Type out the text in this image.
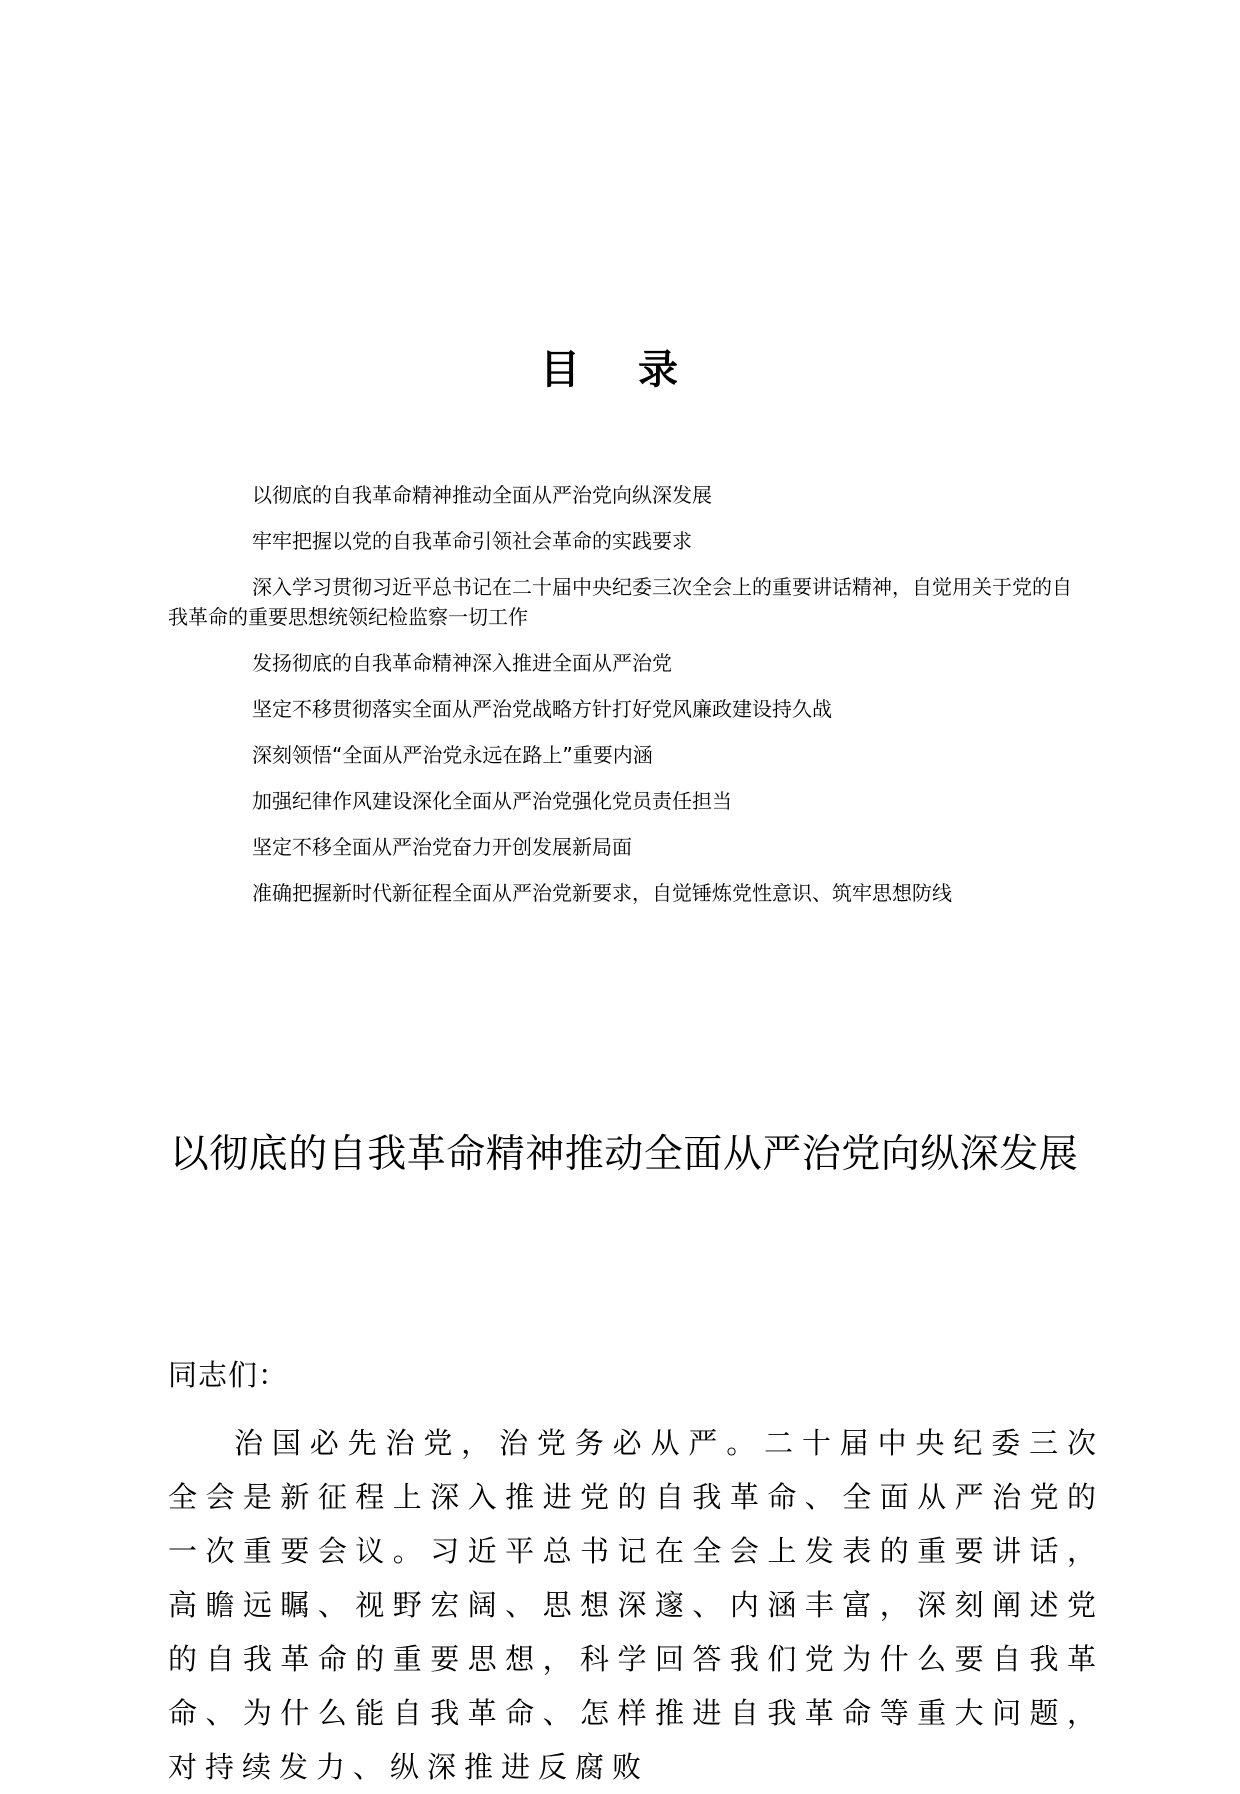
目 录
以彻底的自我革命精神推动全面从严治党向纵深发展
牢牢把握以党的自我革命引领社会革命的实践要求
深入学习贯彻习近平总书记在二十届中央纪委三次全会上的重要讲话精神，自觉用关于党的自我革命的重要思想统领纪检监察一切工作
发扬彻底的自我革命精神深入推进全面从严治党
坚定不移贯彻落实全面从严治党战略方针打好党风廉政建设持久战
深刻领悟“全面从严治党永远在路上”重要内涵
加强纪律作风建设深化全面从严治党强化党员责任担当
坚定不移全面从严治党奋力开创发展新局面
准确把握新时代新征程全面从严治党新要求，自觉锤炼党性意识、筑牢思想防线
以彻底的自我革命精神推动全面从严治党向纵深发展

同志们：

治国必先治党，治党务必从严。二十届中央纪委三次全会是新征程上深入推进党的自我革命、全面从严治党的一次重要会议。习近平总书记在全会上发表的重要讲话，高瞻远瞩、视野宏阔、思想深邃、内涵丰富，深刻阐述党的自我革命的重要思想，科学回答我们党为什么要自我革命、为什么能自我革命、怎样推进自我革命等重大问题，对持续发力、纵深推进反腐败
